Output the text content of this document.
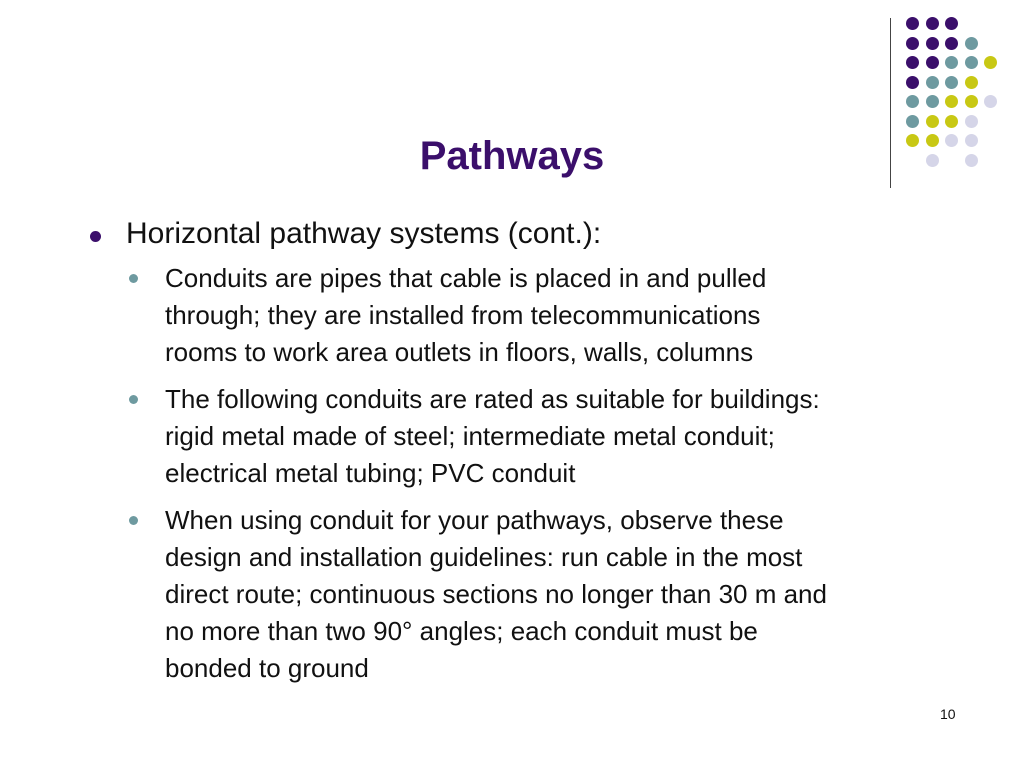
Pathways
Horizontal pathway systems (cont.):
Conduits are pipes that cable is placed in and pulled
through; they are installed from telecommunications
rooms to work area outlets in floors, walls, columns
The following conduits are rated as suitable for buildings:
rigid metal made of steel; intermediate metal conduit;
electrical metal tubing; PVC conduit
When using conduit for your pathways, observe these
design and installation guidelines: run cable in the most
direct route; continuous sections no longer than 30 m and
no more than two 90° angles; each conduit must be
bonded to ground
10
